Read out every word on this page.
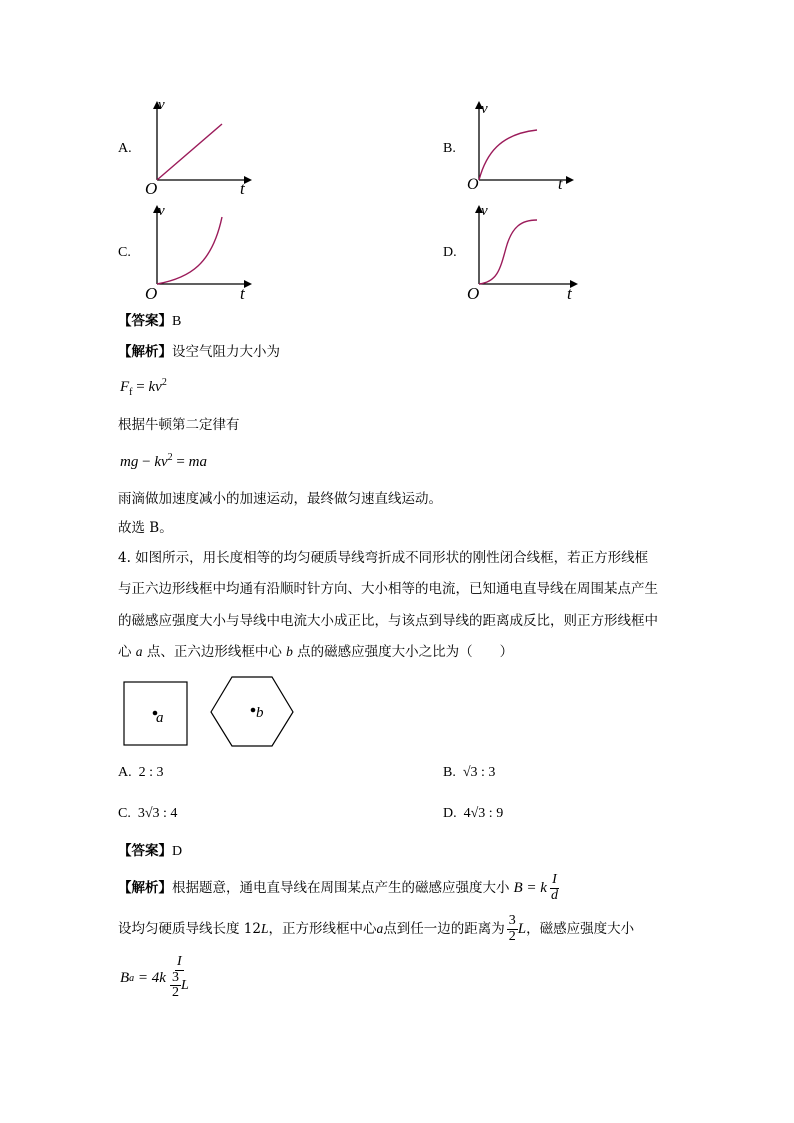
A.
v
O	t
B.
v
O	t
C.
v
O	t
D.
v
O	t
【答案】B
【解析】设空气阻力大小为
$F_f = kv^2$
根据牛顿第二定律有
mg − $kv^2$ = ma
雨滴做加速度减小的加速运动，最终做匀速直线运动。
故选 B。
4. 如图所示，用长度相等的均匀硬质导线弯折成不同形状的刚性闭合线框，若正方形线框
与正六边形线框中均通有沿顺时针方向、大小相等的电流，已知通电直导线在周围某点产生
的磁感应强度大小与导线中电流大小成正比，与该点到导线的距离成反比，则正方形线框中
心 a 点、正六边形线框中心 b 点的磁感应强度大小之比为（　　）
a	b
A. 2 : 3	B. √3 : 3
C. 3√3 : 4	D. 4√3 : 9
【答案】D
【解析】 根据题意，通电直导线在周围某点产生的磁感应强度大小 B = k $\frac{I}{d}$
设均匀硬质导线长度 12 L ，正方形线框中心 a 点到任一边的距离为 $\frac{3}{2}$ L ，磁感应强度大小
B a
= $4k \frac{I}{\frac{3}{2} L}$
